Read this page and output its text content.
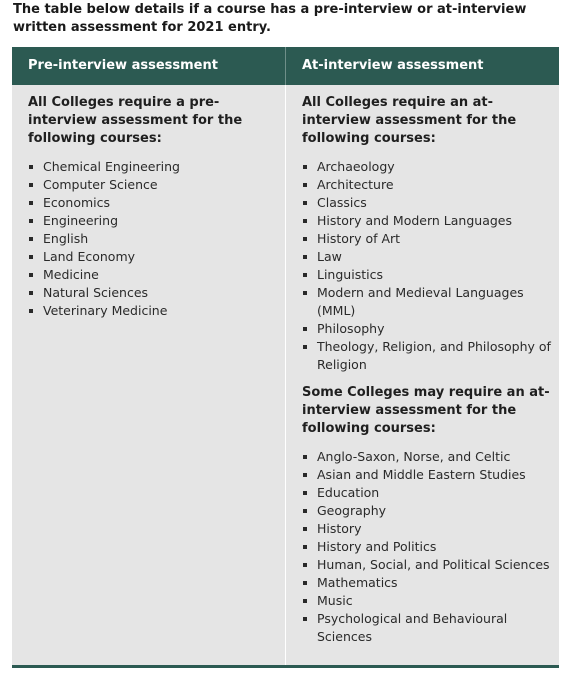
The table below details if a course has a pre-interview or at-interview written assessment for 2021 entry.
Pre-interview assessment	At-interview assessment

All Colleges require a pre-interview assessment for the following courses:

Chemical Engineering
Computer Science
Economics
Engineering
English
Land Economy
Medicine
Natural Sciences
Veterinary Medicine

All Colleges require an at-interview assessment for the following courses:

Archaeology
Architecture
Classics
History and Modern Languages
History of Art
Law
Linguistics
Modern and Medieval Languages (MML)
Philosophy
Theology, Religion, and Philosophy of Religion

Some Colleges may require an at-interview assessment for the following courses:

Anglo-Saxon, Norse, and Celtic
Asian and Middle Eastern Studies
Education
Geography
History
History and Politics
Human, Social, and Political Sciences
Mathematics
Music
Psychological and Behavioural Sciences
